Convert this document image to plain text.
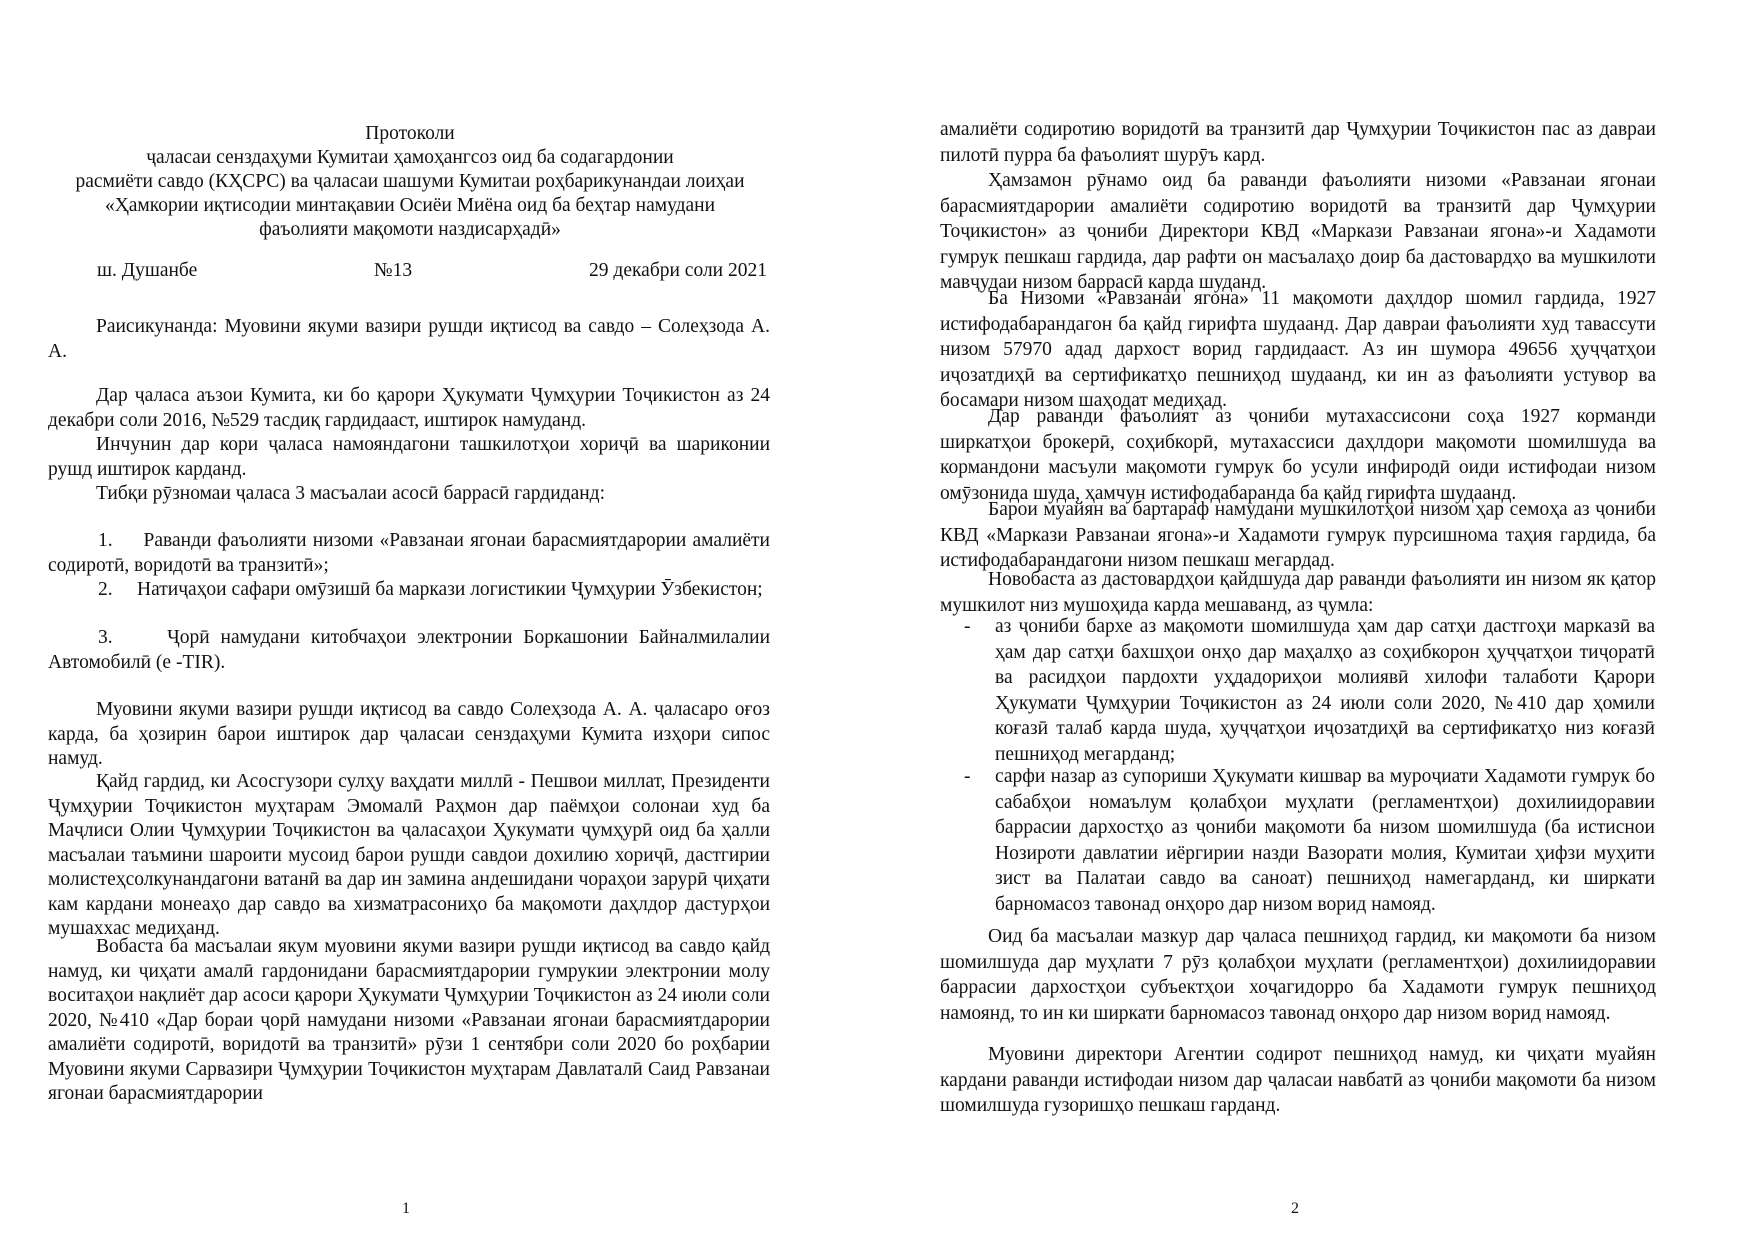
Протоколи
ҷаласаи сенздаҳуми Кумитаи ҳамоҳангсоз оид ба содагардонии
расмиёти савдо (КҲСРС) ва ҷаласаи шашуми Кумитаи роҳбарикунандаи лоиҳаи
«Ҳамкории иқтисодии минтақавии Осиёи Миёна оид ба беҳтар намудани
фаъолияти мақомоти наздисарҳадӣ»
ш. Душанбе	№13	29 декабри соли 2021

Раисикунанда: Муовини якуми вазири рушди иқтисод ва савдо – Солеҳзода А. А.

Дар ҷаласа аъзои Кумита, ки бо қарори Ҳукумати Ҷумҳурии Тоҷикистон аз 24 декабри соли 2016, №529 тасдиқ гардидааст, иштирок намуданд.

Инчунин дар кори ҷаласа намояндагони ташкилотҳои хориҷӣ ва шариконии рушд иштирок карданд.

Тибқи рӯзномаи ҷаласа 3 масъалаи асосӣ баррасӣ гардиданд:

1. Раванди фаъолияти низоми «Равзанаи ягонаи барасмиятдарории амалиёти содиротӣ, воридотӣ ва транзитӣ»;

2. Натиҷаҳои сафари омӯзишӣ ба маркази логистикии Ҷумҳурии Ӯзбекистон;

3.	Ҷорӣ намудани китобчаҳои электронии Боркашонии Байналмилалии Автомобилӣ (e -TIR).

Муовини якуми вазири рушди иқтисод ва савдо Солеҳзода А. А. ҷаласаро оғоз карда, ба ҳозирин барои иштирок дар ҷаласаи сенздаҳуми Кумита изҳори сипос намуд.

Қайд гардид, ки Асосгузори сулҳу ваҳдати миллӣ - Пешвои миллат, Президенти Ҷумҳурии Тоҷикистон муҳтарам Эмомалӣ Раҳмон дар паёмҳои солонаи худ ба Маҷлиси Олии Ҷумҳурии Тоҷикистон ва ҷаласаҳои Ҳукумати ҷумҳурӣ оид ба ҳалли масъалаи таъмини шароити мусоид барои рушди савдои дохилию хориҷӣ, дастгирии молистеҳсолкунандагони ватанӣ ва дар ин замина андешидани чораҳои зарурӣ ҷиҳати кам кардани монеаҳо дар савдо ва хизматрасониҳо ба мақомоти даҳлдор дастурҳои мушаххас медиҳанд.

Вобаста ба масъалаи якум муовини якуми вазири рушди иқтисод ва савдо қайд намуд, ки ҷиҳати амалӣ гардонидани барасмиятдарории гумрукии электронии молу воситаҳои нақлиёт дар асоси қарори Ҳукумати Ҷумҳурии Тоҷикистон аз 24 июли соли 2020, №410 «Дар бораи ҷорӣ намудани низоми «Равзанаи ягонаи барасмиятдарории амалиёти содиротӣ, воридотӣ ва транзитӣ» рӯзи 1 сентябри соли 2020 бо роҳбарии Муовини якуми Сарвазири Ҷумҳурии Тоҷикистон муҳтарам Давлаталӣ Саид Равзанаи ягонаи барасмиятдарории

1

амалиёти содиротию воридотӣ ва транзитӣ дар Ҷумҳурии Тоҷикистон пас аз давраи пилотӣ пурра ба фаъолият шурӯъ кард.

Ҳамзамон рӯнамо оид ба раванди фаъолияти низоми «Равзанаи ягонаи барасмиятдарории амалиёти содиротию воридотӣ ва транзитӣ дар Ҷумҳурии Тоҷикистон» аз ҷониби Директори КВД «Маркази Равзанаи ягона»-и Хадамоти гумрук пешкаш гардида, дар рафти он масъалаҳо доир ба дастовардҳо ва мушкилоти мавҷудаи низом баррасӣ карда шуданд.

Ба Низоми «Равзанаи ягона» 11 мақомоти даҳлдор шомил гардида, 1927 истифодабарандагон ба қайд гирифта шудаанд. Дар давраи фаъолияти худ тавассути низом 57970 адад дархост ворид гардидааст. Аз ин шумора 49656 ҳуҷҷатҳои иҷозатдиҳӣ ва сертификатҳо пешниҳод шудаанд, ки ин аз фаъолияти устувор ва босамари низом шаҳодат медиҳад.

Дар раванди фаъолият аз ҷониби мутахассисони соҳа 1927 корманди ширкатҳои брокерӣ, соҳибкорӣ, мутахассиси даҳлдори мақомоти шомилшуда ва кормандони масъули мақомоти гумрук бо усули инфиродӣ оиди истифодаи низом омӯзонида шуда, ҳамчун истифодабаранда ба қайд гирифта шудаанд.

Барои муайян ва бартараф намудани мушкилотҳои низом ҳар семоҳа аз ҷониби КВД «Маркази Равзанаи ягона»-и Хадамоти гумрук пурсишнома таҳия гардида, ба истифодабарандагони низом пешкаш мегардад.

Новобаста аз дастовардҳои қайдшуда дар раванди фаъолияти ин низом як қатор мушкилот низ мушоҳида карда мешаванд, аз ҷумла:

- аз ҷониби бархе аз мақомоти шомилшуда ҳам дар сатҳи дастгоҳи марказӣ ва ҳам дар сатҳи бахшҳои онҳо дар маҳалҳо аз соҳибкорон ҳуҷҷатҳои тиҷоратӣ ва расидҳои пардохти уҳдадориҳои молиявӣ хилофи талаботи Қарори Ҳукумати Ҷумҳурии Тоҷикистон аз 24 июли соли 2020, №410 дар ҳомили коғазӣ талаб карда шуда, ҳуҷҷатҳои иҷозатдиҳӣ ва сертификатҳо низ коғазӣ пешниҳод мегарданд;
- сарфи назар аз супориши Ҳукумати кишвар ва муроҷиати Хадамоти гумрук бо сабабҳои номаълум қолабҳои муҳлати (регламентҳои) дохилиидоравии баррасии дархостҳо аз ҷониби мақомоти ба низом шомилшуда (ба истиснои Нозироти давлатии иёргирии назди Вазорати молия, Кумитаи ҳифзи муҳити зист ва Палатаи савдо ва саноат) пешниҳод намегарданд, ки ширкати барномасоз тавонад онҳоро дар низом ворид намояд.

Оид ба масъалаи мазкур дар ҷаласа пешниҳод гардид, ки мақомоти ба низом шомилшуда дар муҳлати 7 рӯз қолабҳои муҳлати (регламентҳои) дохилиидоравии баррасии дархостҳои субъектҳои хоҷагидорро ба Хадамоти гумрук пешниҳод намоянд, то ин ки ширкати барномасоз тавонад онҳоро дар низом ворид намояд.

Муовини директори Агентии содирот пешниҳод намуд, ки ҷиҳати муайян кардани раванди истифодаи низом дар ҷаласаи навбатӣ аз ҷониби мақомоти ба низом шомилшуда гузоришҳо пешкаш гарданд.

2
